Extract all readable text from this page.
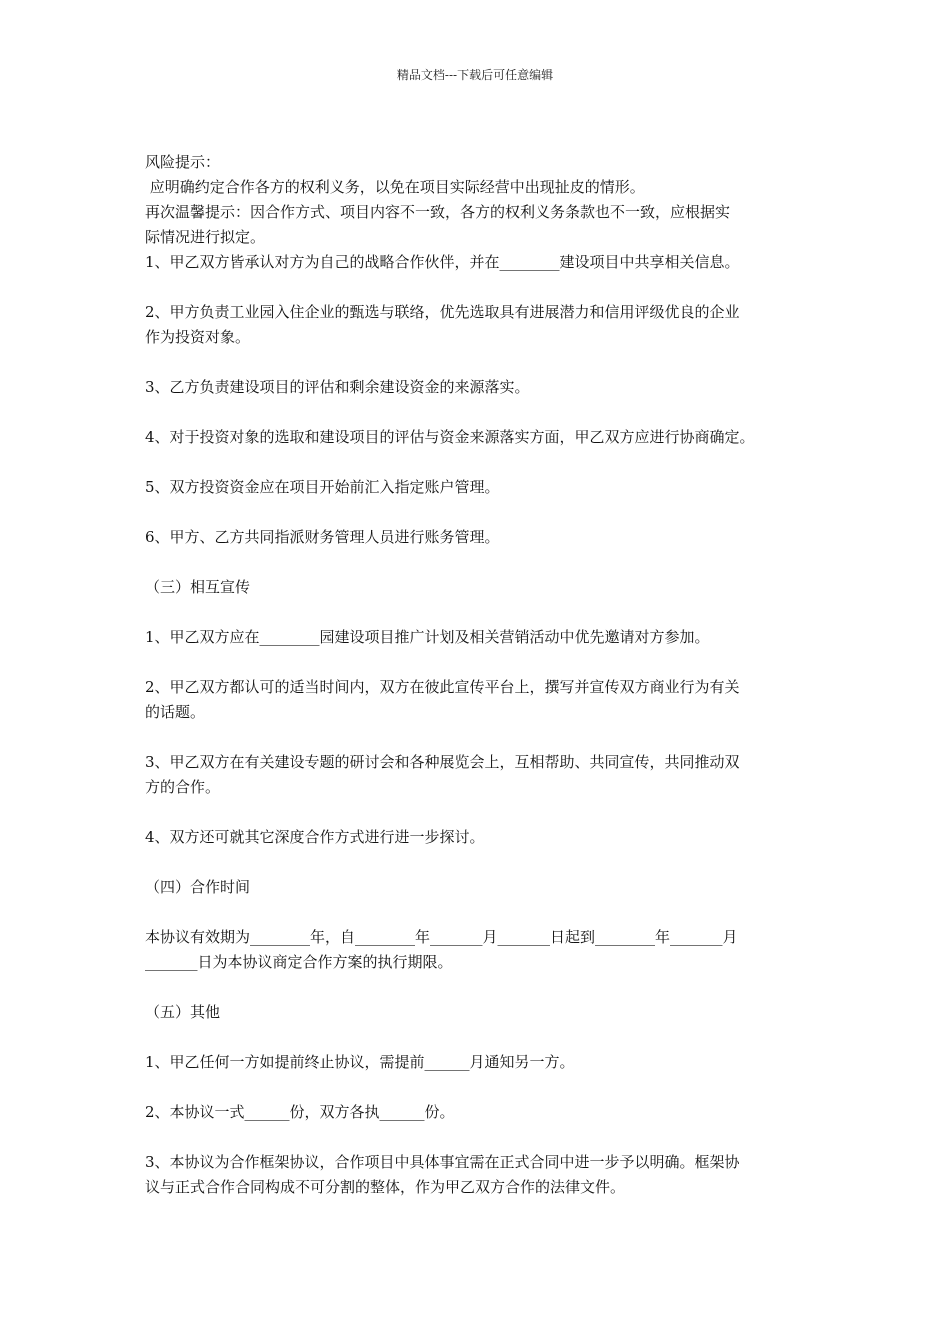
精品文档---下载后可任意编辑

风险提示：

应明确约定合作各方的权利义务，以免在项目实际经营中出现扯皮的情形。

再次温馨提示：因合作方式、项目内容不一致，各方的权利义务条款也不一致，应根据实
际情况进行拟定。

1、甲乙双方皆承认对方为自己的战略合作伙伴，并在________建设项目中共享相关信息。

2、甲方负责工业园入住企业的甄选与联络，优先选取具有进展潜力和信用评级优良的企业
作为投资对象。

3、乙方负责建设项目的评估和剩余建设资金的来源落实。

4、对于投资对象的选取和建设项目的评估与资金来源落实方面，甲乙双方应进行协商确定。

5、双方投资资金应在项目开始前汇入指定账户管理。

6、甲方、乙方共同指派财务管理人员进行账务管理。

（三）相互宣传

1、甲乙双方应在________园建设项目推广计划及相关营销活动中优先邀请对方参加。

2、甲乙双方都认可的适当时间内，双方在彼此宣传平台上，撰写并宣传双方商业行为有关
的话题。

3、甲乙双方在有关建设专题的研讨会和各种展览会上，互相帮助、共同宣传，共同推动双
方的合作。

4、双方还可就其它深度合作方式进行进一步探讨。

（四）合作时间

本协议有效期为________年，自________年_______月_______日起到________年_______月
_______日为本协议商定合作方案的执行期限。

（五）其他

1、甲乙任何一方如提前终止协议，需提前______月通知另一方。

2、本协议一式______份，双方各执______份。

3、本协议为合作框架协议，合作项目中具体事宜需在正式合同中进一步予以明确。框架协
议与正式合作合同构成不可分割的整体，作为甲乙双方合作的法律文件。
